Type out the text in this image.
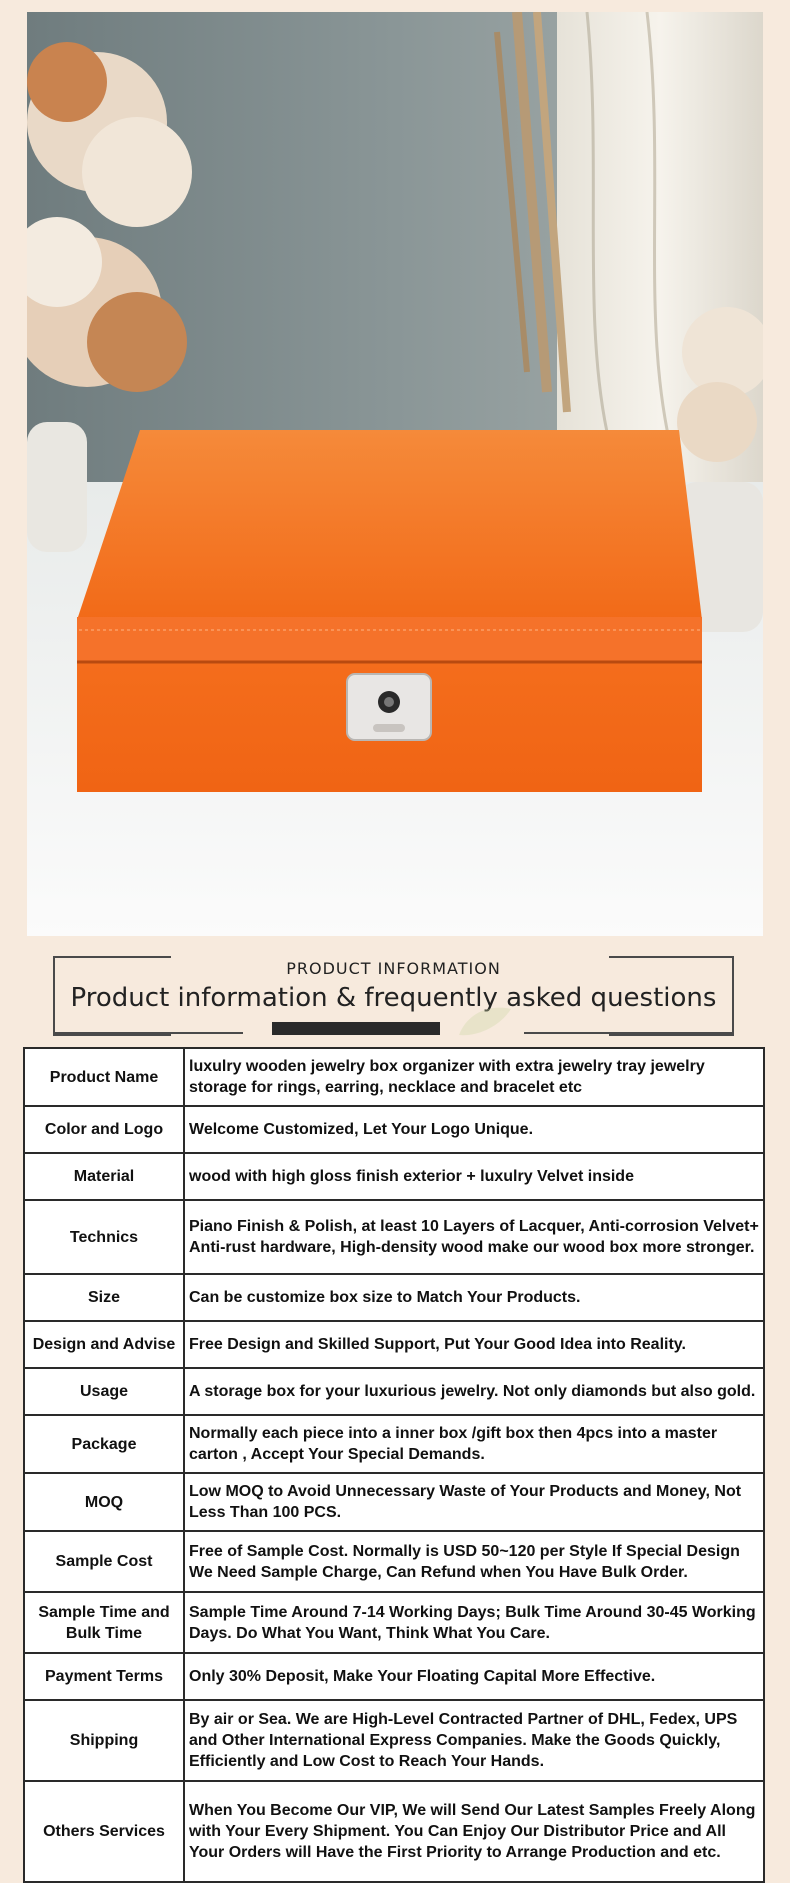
PRODUCT INFORMATION
Product information & frequently asked questions
Product Name	luxulry wooden jewelry box organizer with extra jewelry tray jewelry storage for rings, earring, necklace and bracelet etc
Color and Logo	Welcome Customized, Let Your Logo Unique.
Material	wood with high gloss finish exterior + luxulry Velvet inside
Technics	Piano Finish & Polish, at least 10 Layers of Lacquer, Anti-corrosion Velvet+ Anti-rust hardware, High-density wood make our wood box more stronger.
Size	Can be customize box size to Match Your Products.
Design and Advise	Free Design and Skilled Support, Put Your Good Idea into Reality.
Usage	A storage box for your luxurious jewelry. Not only diamonds but also gold.
Package	Normally each piece into a inner box /gift box then 4pcs into a master carton , Accept Your Special Demands.
MOQ	Low MOQ to Avoid Unnecessary Waste of Your Products and Money, Not Less Than 100 PCS.
Sample Cost	Free of Sample Cost. Normally is USD 50~120 per Style If Special Design We Need Sample Charge, Can Refund when You Have Bulk Order.
Sample Time and Bulk Time	Sample Time Around 7-14 Working Days; Bulk Time Around 30-45 Working Days. Do What You Want, Think What You Care.
Payment Terms	Only 30% Deposit, Make Your Floating Capital More Effective.
Shipping	By air or Sea. We are High-Level Contracted Partner of DHL, Fedex, UPS and Other International Express Companies. Make the Goods Quickly, Efficiently and Low Cost to Reach Your Hands.
Others Services	When You Become Our VIP, We will Send Our Latest Samples Freely Along with Your Every Shipment. You Can Enjoy Our Distributor Price and All Your Orders will Have the First Priority to Arrange Production and etc.
